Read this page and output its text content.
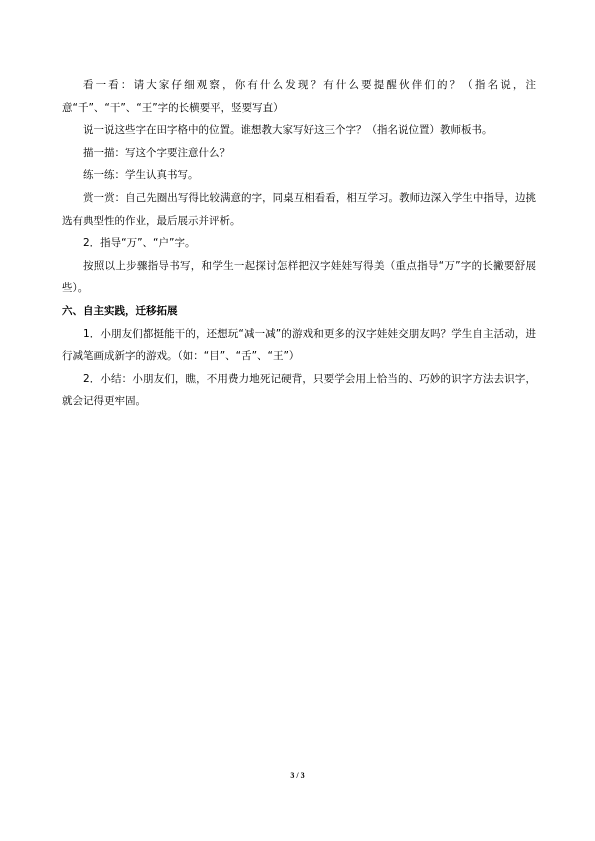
看一看：请大家仔细观察，你有什么发现？有什么要提醒伙伴们的？（指名说，注意“千”、“干”、“王”字的长横要平，竖要写直）

说一说这些字在田字格中的位置。谁想教大家写好这三个字？（指名说位置）教师板书。

描一描：写这个字要注意什么？

练一练：学生认真书写。

赏一赏：自己先圈出写得比较满意的字，同桌互相看看，相互学习。教师边深入学生中指导，边挑选有典型性的作业，最后展示并评析。

2．指导“万”、“户”字。

按照以上步骤指导书写，和学生一起探讨怎样把汉字娃娃写得美（重点指导“万”字的长撇要舒展些）。

六、自主实践，迁移拓展

1．小朋友们都挺能干的，还想玩“减一减”的游戏和更多的汉字娃娃交朋友吗？学生自主活动，进行减笔画成新字的游戏。（如：“目”、“舌”、“王”）

2．小结：小朋友们，瞧，不用费力地死记硬背，只要学会用上恰当的、巧妙的识字方法去识字，就会记得更牢固。

3 / 3
